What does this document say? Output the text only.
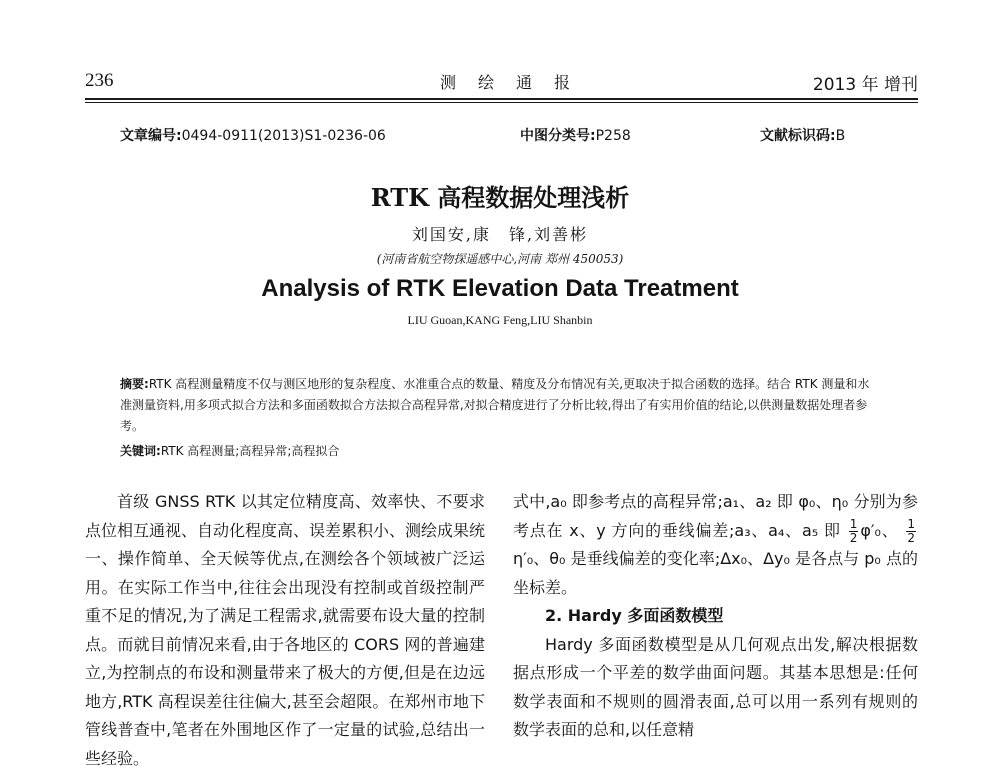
236	测绘通报	2013 年 增刊
文章编号:0494-0911(2013)S1-0236-06	中图分类号:P258	文献标识码:B
RTK 高程数据处理浅析
刘国安,康　锋,刘善彬
(河南省航空物探遥感中心,河南 郑州 450053)
Analysis of RTK Elevation Data Treatment
LIU Guoan,KANG Feng,LIU Shanbin
摘要:RTK 高程测量精度不仅与测区地形的复杂程度、水准重合点的数量、精度及分布情况有关,更取决于拟合函数的选择。结合 RTK 测量和水准测量资料,用多项式拟合方法和多面函数拟合方法拟合高程异常,对拟合精度进行了分析比较,得出了有实用价值的结论,以供测量数据处理者参考。
关键词:RTK 高程测量;高程异常;高程拟合

首级 GNSS RTK 以其定位精度高、效率快、不要求点位相互通视、自动化程度高、误差累积小、测绘成果统一、操作简单、全天候等优点,在测绘各个领域被广泛运用。在实际工作当中,往往会出现没有控制或首级控制严重不足的情况,为了满足工程需求,就需要布设大量的控制点。而就目前情况来看,由于各地区的 CORS 网的普遍建立,为控制点的布设和测量带来了极大的方便,但是在边远地方,RTK 高程误差往往偏大,甚至会超限。在郑州市地下管线普查中,笔者在外围地区作了一定量的试验,总结出一些经验。

式中,a₀ 即参考点的高程异常;a₁、a₂ 即 φ₀、η₀ 分别为参考点在 x、y 方向的垂线偏差;a₃、a₄、a₅ 即 $\frac{1}{2} \varphi'_0$、 $\frac{1}{2}$
η′₀、θ₀ 是垂线偏差的变化率;Δx₀、Δy₀ 是各点与 p₀ 点的坐标差。

2. Hardy 多面函数模型

Hardy 多面函数模型是从几何观点出发,解决根据数据点形成一个平差的数学曲面问题。其基本思想是:任何数学表面和不规则的圆滑表面,总可以用一系列有规则的数学表面的总和,以任意精
